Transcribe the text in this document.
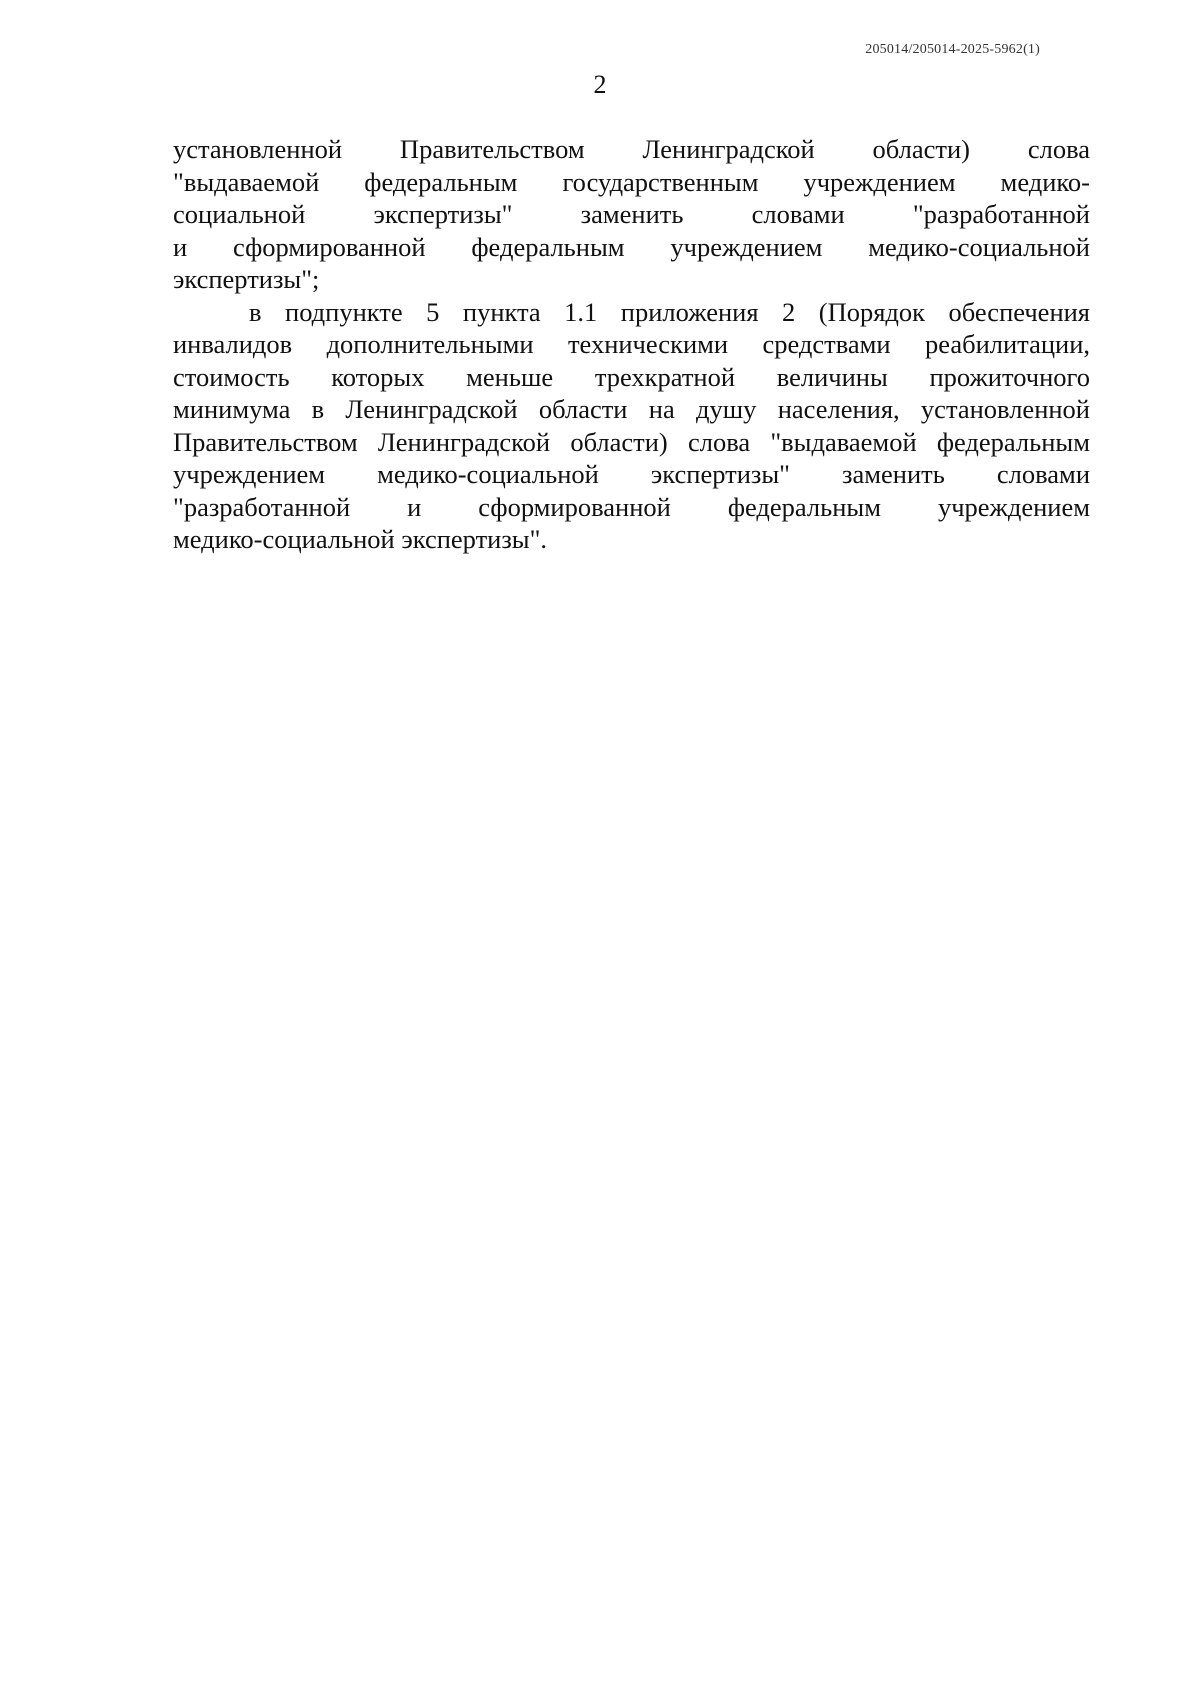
205014/205014-2025-5962(1)
2
установленной Правительством Ленинградской области) слова
"выдаваемой федеральным государственным учреждением медико-
социальной экспертизы" заменить словами "разработанной
и сформированной федеральным учреждением медико-социальной
экспертизы";
в подпункте 5 пункта 1.1 приложения 2 (Порядок обеспечения
инвалидов дополнительными техническими средствами реабилитации,
стоимость которых меньше трехкратной величины прожиточного
минимума в Ленинградской области на душу населения, установленной
Правительством Ленинградской области) слова "выдаваемой федеральным
учреждением медико-социальной экспертизы" заменить словами
"разработанной и сформированной федеральным учреждением
медико-социальной экспертизы".
